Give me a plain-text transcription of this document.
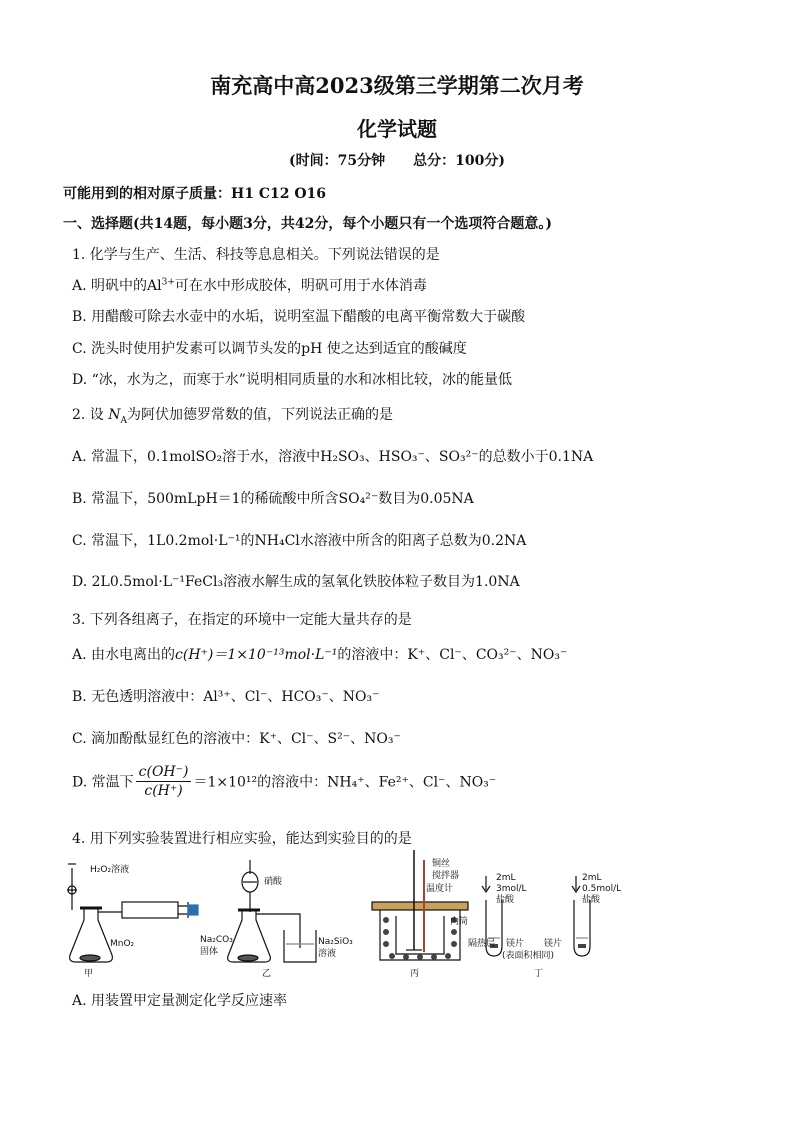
南充高中高2023级第三学期第二次月考
化学试题
(时间：75分钟　　总分：100分)
可能用到的相对原子质量：H1 C12 O16
一、选择题(共14题，每小题3分，共42分，每个小题只有一个选项符合题意。)
1. 化学与生产、生活、科技等息息相关。下列说法错误的是
A. 明矾中的$Al^{3+}$可在水中形成胶体，明矾可用于水体消毒
B. 用醋酸可除去水壶中的水垢，说明室温下醋酸的电离平衡常数大于碳酸
C. 洗头时使用护发素可以调节头发的pH 使之达到适宜的酸碱度
D. “冰，水为之，而寒于水”说明相同质量的水和冰相比较，冰的能量低
2. 设 $N_A$为阿伏加德罗常数的值，下列说法正确的是
A. 常温下，0.1molSO₂溶于水，溶液中H₂SO₃、HSO₃⁻、SO₃²⁻的总数小于0.1NA
B. 常温下，500mLpH＝1的稀硫酸中所含SO₄²⁻数目为0.05NA
C. 常温下，1L0.2mol·L⁻¹的NH₄Cl水溶液中所含的阳离子总数为0.2NA
D. 2L0.5mol·L⁻¹FeCl₃溶液水解生成的氢氧化铁胶体粒子数目为1.0NA
3. 下列各组离子，在指定的环境中一定能大量共存的是
A. 由水电离出的c(H⁺)＝1×10⁻¹³mol·L⁻¹的溶液中：K⁺、Cl⁻、CO₃²⁻、NO₃⁻
B. 无色透明溶液中：Al³⁺、Cl⁻、HCO₃⁻、NO₃⁻
C. 滴加酚酞显红色的溶液中：K⁺、Cl⁻、S²⁻、NO₃⁻
D. 常温下 $\frac{c(OH^-)}{c(H^+)} =1\times 10^{12}$的溶液中：NH₄⁺、Fe²⁺、Cl⁻、NO₃⁻
4. 用下列实验装置进行相应实验，能达到实验目的的是
H₂O₂溶液
MnO₂
甲
硝酸
Na₂CO₃
固体
Na₂SiO₃
溶液
乙
铜丝
搅拌器
温度计
内筒
隔热层
丙
2mL
3mol/L
盐酸
2mL
0.5mol/L
盐酸
镁片 镁片
(表面积相同)
丁
A. 用装置甲定量测定化学反应速率
